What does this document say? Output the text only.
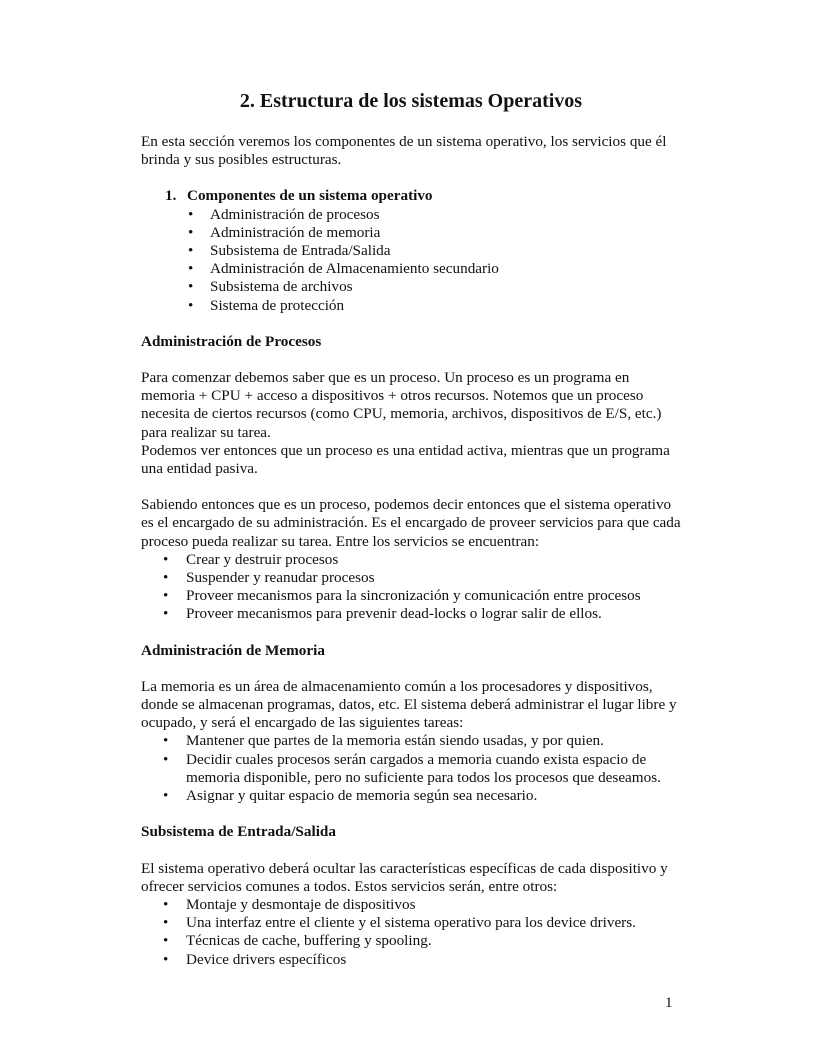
2. Estructura de los sistemas Operativos

En esta sección veremos los componentes de un sistema operativo, los servicios que él brinda y sus posibles estructuras.

1. Componentes de un sistema operativo
• Administración de procesos
• Administración de memoria
• Subsistema de Entrada/Salida
• Administración de Almacenamiento secundario
• Subsistema de archivos
• Sistema de protección

Administración de Procesos

Para comenzar debemos saber que es un proceso. Un proceso es un programa en memoria + CPU + acceso a dispositivos + otros recursos. Notemos que un proceso necesita de ciertos recursos (como CPU, memoria, archivos, dispositivos de E/S, etc.) para realizar su tarea.

Podemos ver entonces que un proceso es una entidad activa, mientras que un programa una entidad pasiva.

Sabiendo entonces que es un proceso, podemos decir entonces que el sistema operativo es el encargado de su administración. Es el encargado de proveer servicios para que cada proceso pueda realizar su tarea. Entre los servicios se encuentran:

• Crear y destruir procesos
• Suspender y reanudar procesos
• Proveer mecanismos para la sincronización y comunicación entre procesos
• Proveer mecanismos para prevenir dead-locks o lograr salir de ellos.

Administración de Memoria

La memoria es un área de almacenamiento común a los procesadores y dispositivos, donde se almacenan programas, datos, etc. El sistema deberá administrar el lugar libre y ocupado, y será el encargado de las siguientes tareas:

• Mantener que partes de la memoria están siendo usadas, y por quien.
• Decidir cuales procesos serán cargados a memoria cuando exista espacio de memoria disponible, pero no suficiente para todos los procesos que deseamos.
• Asignar y quitar espacio de memoria según sea necesario.

Subsistema de Entrada/Salida

El sistema operativo deberá ocultar las características específicas de cada dispositivo y ofrecer servicios comunes a todos. Estos servicios serán, entre otros:

• Montaje y desmontaje de dispositivos
• Una interfaz entre el cliente y el sistema operativo para los device drivers.
• Técnicas de cache, buffering y spooling.
• Device drivers específicos
1
